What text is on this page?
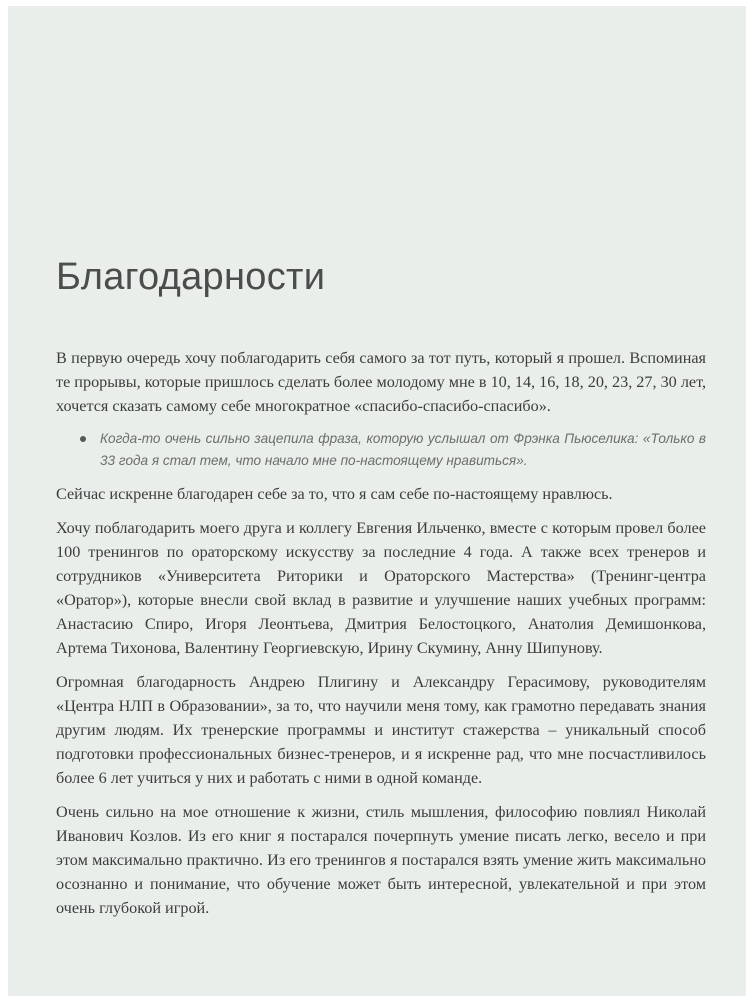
Благодарности

В первую очередь хочу поблагодарить себя самого за тот путь, который я прошел. Вспоминая те прорывы, которые пришлось сделать более молодому мне в 10, 14, 16, 18, 20, 23, 27, 30 лет, хочется сказать самому себе многократное «спасибо-спасибо-спасибо».

Когда-то очень сильно зацепила фраза, которую услышал от Фрэнка Пьюселика: «Только в 33 года я стал тем, что начало мне по-настоящему нравиться».

Сейчас искренне благодарен себе за то, что я сам себе по-настоящему нравлюсь.

Хочу поблагодарить моего друга и коллегу Евгения Ильченко, вместе с которым провел более 100 тренингов по ораторскому искусству за последние 4 года. А также всех тренеров и сотрудников «Университета Риторики и Ораторского Мастерства» (Тренинг-центра «Оратор»), которые внесли свой вклад в развитие и улучшение наших учебных программ: Анастасию Спиро, Игоря Леонтьева, Дмитрия Белостоцкого, Анатолия Демишонкова, Артема Тихонова, Валентину Георгиевскую, Ирину Скумину, Анну Шипунову.

Огромная благодарность Андрею Плигину и Александру Герасимову, руководителям «Центра НЛП в Образовании», за то, что научили меня тому, как грамотно передавать знания другим людям. Их тренерские программы и институт стажерства – уникальный способ подготовки профессиональных бизнес-тренеров, и я искренне рад, что мне посчастливилось более 6 лет учиться у них и работать с ними в одной команде.

Очень сильно на мое отношение к жизни, стиль мышления, философию повлиял Николай Иванович Козлов. Из его книг я постарался почерпнуть умение писать легко, весело и при этом максимально практично. Из его тренингов я постарался взять умение жить максимально осознанно и понимание, что обучение может быть интересной, увлекательной и при этом очень глубокой игрой.
